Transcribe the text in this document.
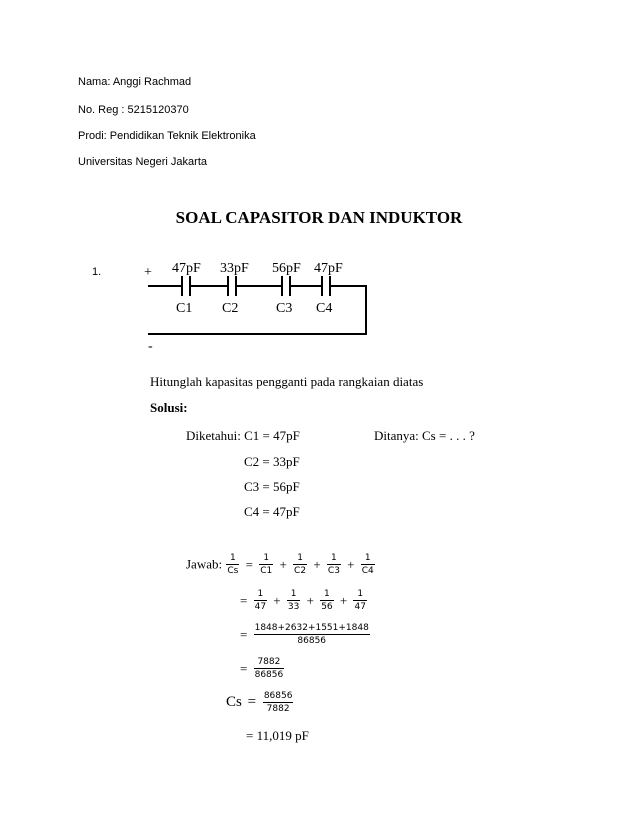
Nama: Anggi Rachmad
No. Reg : 5215120370
Prodi: Pendidikan Teknik Elektronika
Universitas Negeri Jakarta
SOAL CAPASITOR DAN INDUKTOR
1.	+
-
47pF 33pF 56pF 47pF
C1 C2	C3 C4
Hitunglah kapasitas pengganti pada rangkaian diatas
Solusi:
Diketahui: C1 = 47pF	Ditanya: Cs = . . . ?
C2 = 33pF
C3 = 56pF
C4 = 47pF
Jawab: $\frac{1}{Cs} = \frac{1}{C1} + \frac{1}{C2} + \frac{1}{C3} + \frac{1}{C4}$
= $\frac{1}{47} + \frac{1}{33} + \frac{1}{56} + \frac{1}{47}$
= $\frac{1848+2632+1551+1848}{86856}$
= $\frac{7882}{86856}$
$Cs = \frac{86856}{7882}$
= 11,019 pF
